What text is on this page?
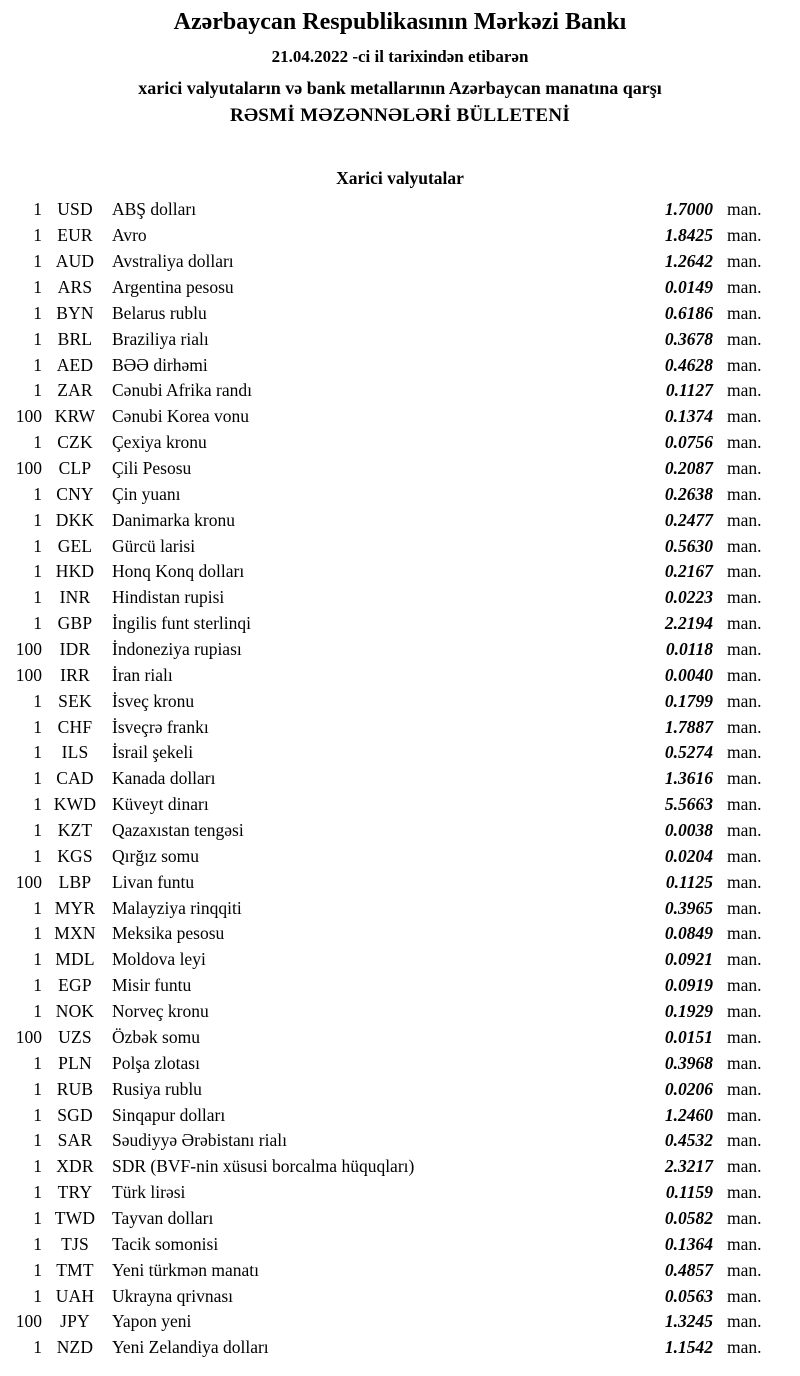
Azərbaycan Respublikasının Mərkəzi Bankı
21.04.2022 -ci il tarixindən etibarən
xarici valyutaların və bank metallarının Azərbaycan manatına qarşı
RƏSMİ MƏZƏNNƏLƏRİ BÜLLETENİ
Xarici valyutalar
1 USD	ABŞ dolları	1.7000 man.
1 EUR	Avro	1.8425 man.
1 AUD	Avstraliya dolları	1.2642 man.
1 ARS	Argentina pesosu	0.0149 man.
1 BYN	Belarus rublu	0.6186 man.
1 BRL	Braziliya rialı	0.3678 man.
1 AED	BƏƏ dirhəmi	0.4628 man.
1 ZAR	Cənubi Afrika randı	0.1127 man.
100 KRW Cənubi Korea vonu	0.1374 man.
1 CZK	Çexiya kronu	0.0756 man.
100 CLP	Çili Pesosu	0.2087 man.
1 CNY	Çin yuanı	0.2638 man.
1 DKK	Danimarka kronu	0.2477 man.
1 GEL	Gürcü larisi	0.5630 man.
1 HKD	Honq Konq dolları	0.2167 man.
1	INR	Hindistan rupisi	0.0223 man.
1 GBP	İngilis funt sterlinqi	2.2194 man.
100	IDR	İndoneziya rupiası	0.0118 man.
100	IRR	İran rialı	0.0040 man.
1 SEK	İsveç kronu	0.1799 man.
1 CHF	İsveçrə frankı	1.7887 man.
1	ILS	İsrail şekeli	0.5274 man.
1 CAD	Kanada dolları	1.3616 man.
1 KWD Küveyt dinarı	5.5663 man.
1 KZT	Qazaxıstan tengəsi	0.0038 man.
1 KGS	Qırğız somu	0.0204 man.
100 LBP	Livan funtu	0.1125 man.
1 MYR Malayziya rinqqiti	0.3965 man.
1 MXN Meksika pesosu	0.0849 man.
1 MDL Moldova leyi	0.0921 man.
1 EGP	Misir funtu	0.0919 man.
1 NOK	Norveç kronu	0.1929 man.
100 UZS	Özbək somu	0.0151 man.
1 PLN	Polşa zlotası	0.3968 man.
1 RUB	Rusiya rublu	0.0206 man.
1 SGD	Sinqapur dolları	1.2460 man.
1 SAR	Səudiyyə Ərəbistanı rialı	0.4532 man.
1 XDR	SDR (BVF-nin xüsusi borcalma hüquqları)	2.3217 man.
1 TRY	Türk lirəsi	0.1159 man.
1 TWD Tayvan dolları	0.0582 man.
1	TJS	Tacik somonisi	0.1364 man.
1 TMT	Yeni türkmən manatı	0.4857 man.
1 UAH	Ukrayna qrivnası	0.0563 man.
100	JPY	Yapon yeni	1.3245 man.
1 NZD	Yeni Zelandiya dolları	1.1542 man.
